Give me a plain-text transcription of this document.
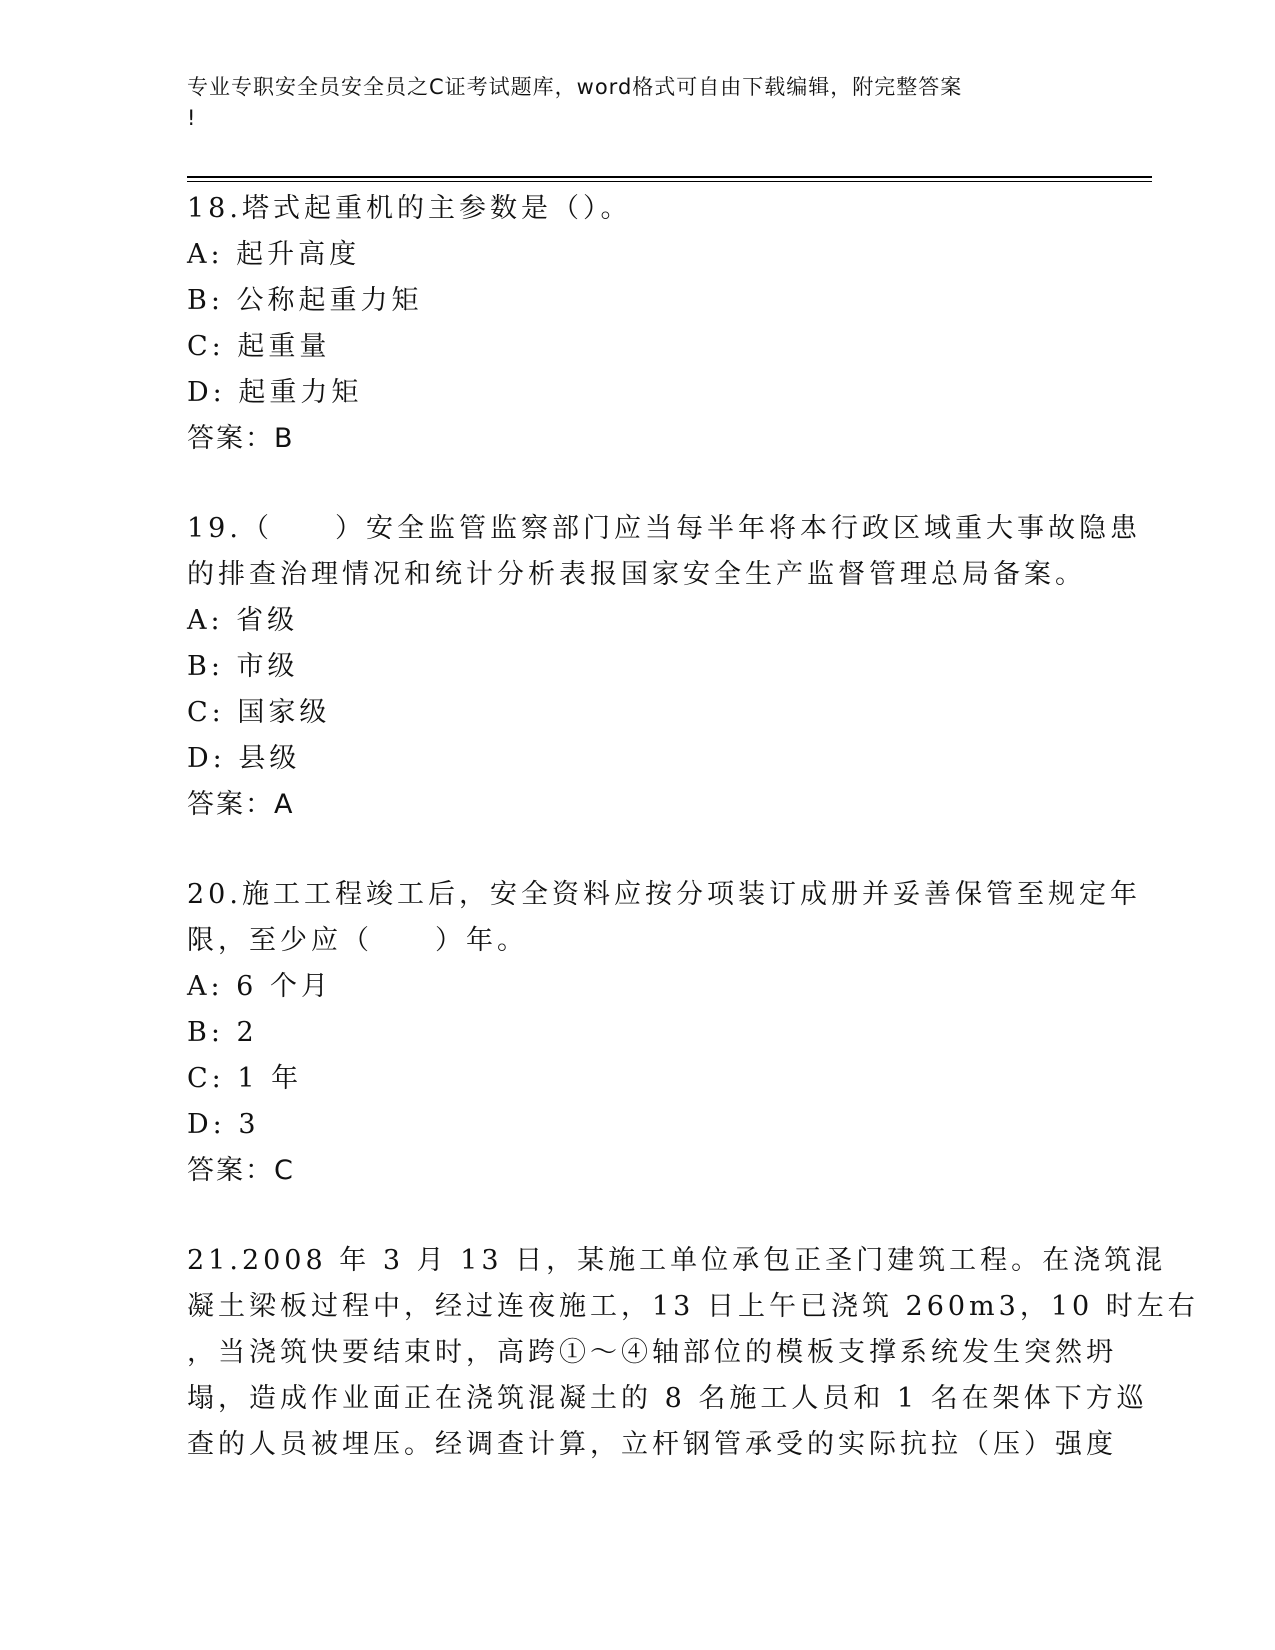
专业专职安全员安全员之C证考试题库，word格式可自由下载编辑，附完整答案
!
18.塔式起重机的主参数是（）。
A: 起升高度
B: 公称起重力矩
C: 起重量
D: 起重力矩
答案：B
19.（　　）安全监管监察部门应当每半年将本行政区域重大事故隐患
的排查治理情况和统计分析表报国家安全生产监督管理总局备案。
A: 省级
B: 市级
C: 国家级
D: 县级
答案：A
20.施工工程竣工后，安全资料应按分项装订成册并妥善保管至规定年
限，至少应（　　）年。
A: 6 个月
B: 2
C: 1 年
D: 3
答案：C
21.2008 年 3 月 13 日，某施工单位承包正圣门建筑工程。在浇筑混
凝土梁板过程中，经过连夜施工，13 日上午已浇筑 260m3，10 时左右
，当浇筑快要结束时，高跨①～④轴部位的模板支撑系统发生突然坍
塌，造成作业面正在浇筑混凝土的 8 名施工人员和 1 名在架体下方巡
查的人员被埋压。经调查计算，立杆钢管承受的实际抗拉（压）强度
